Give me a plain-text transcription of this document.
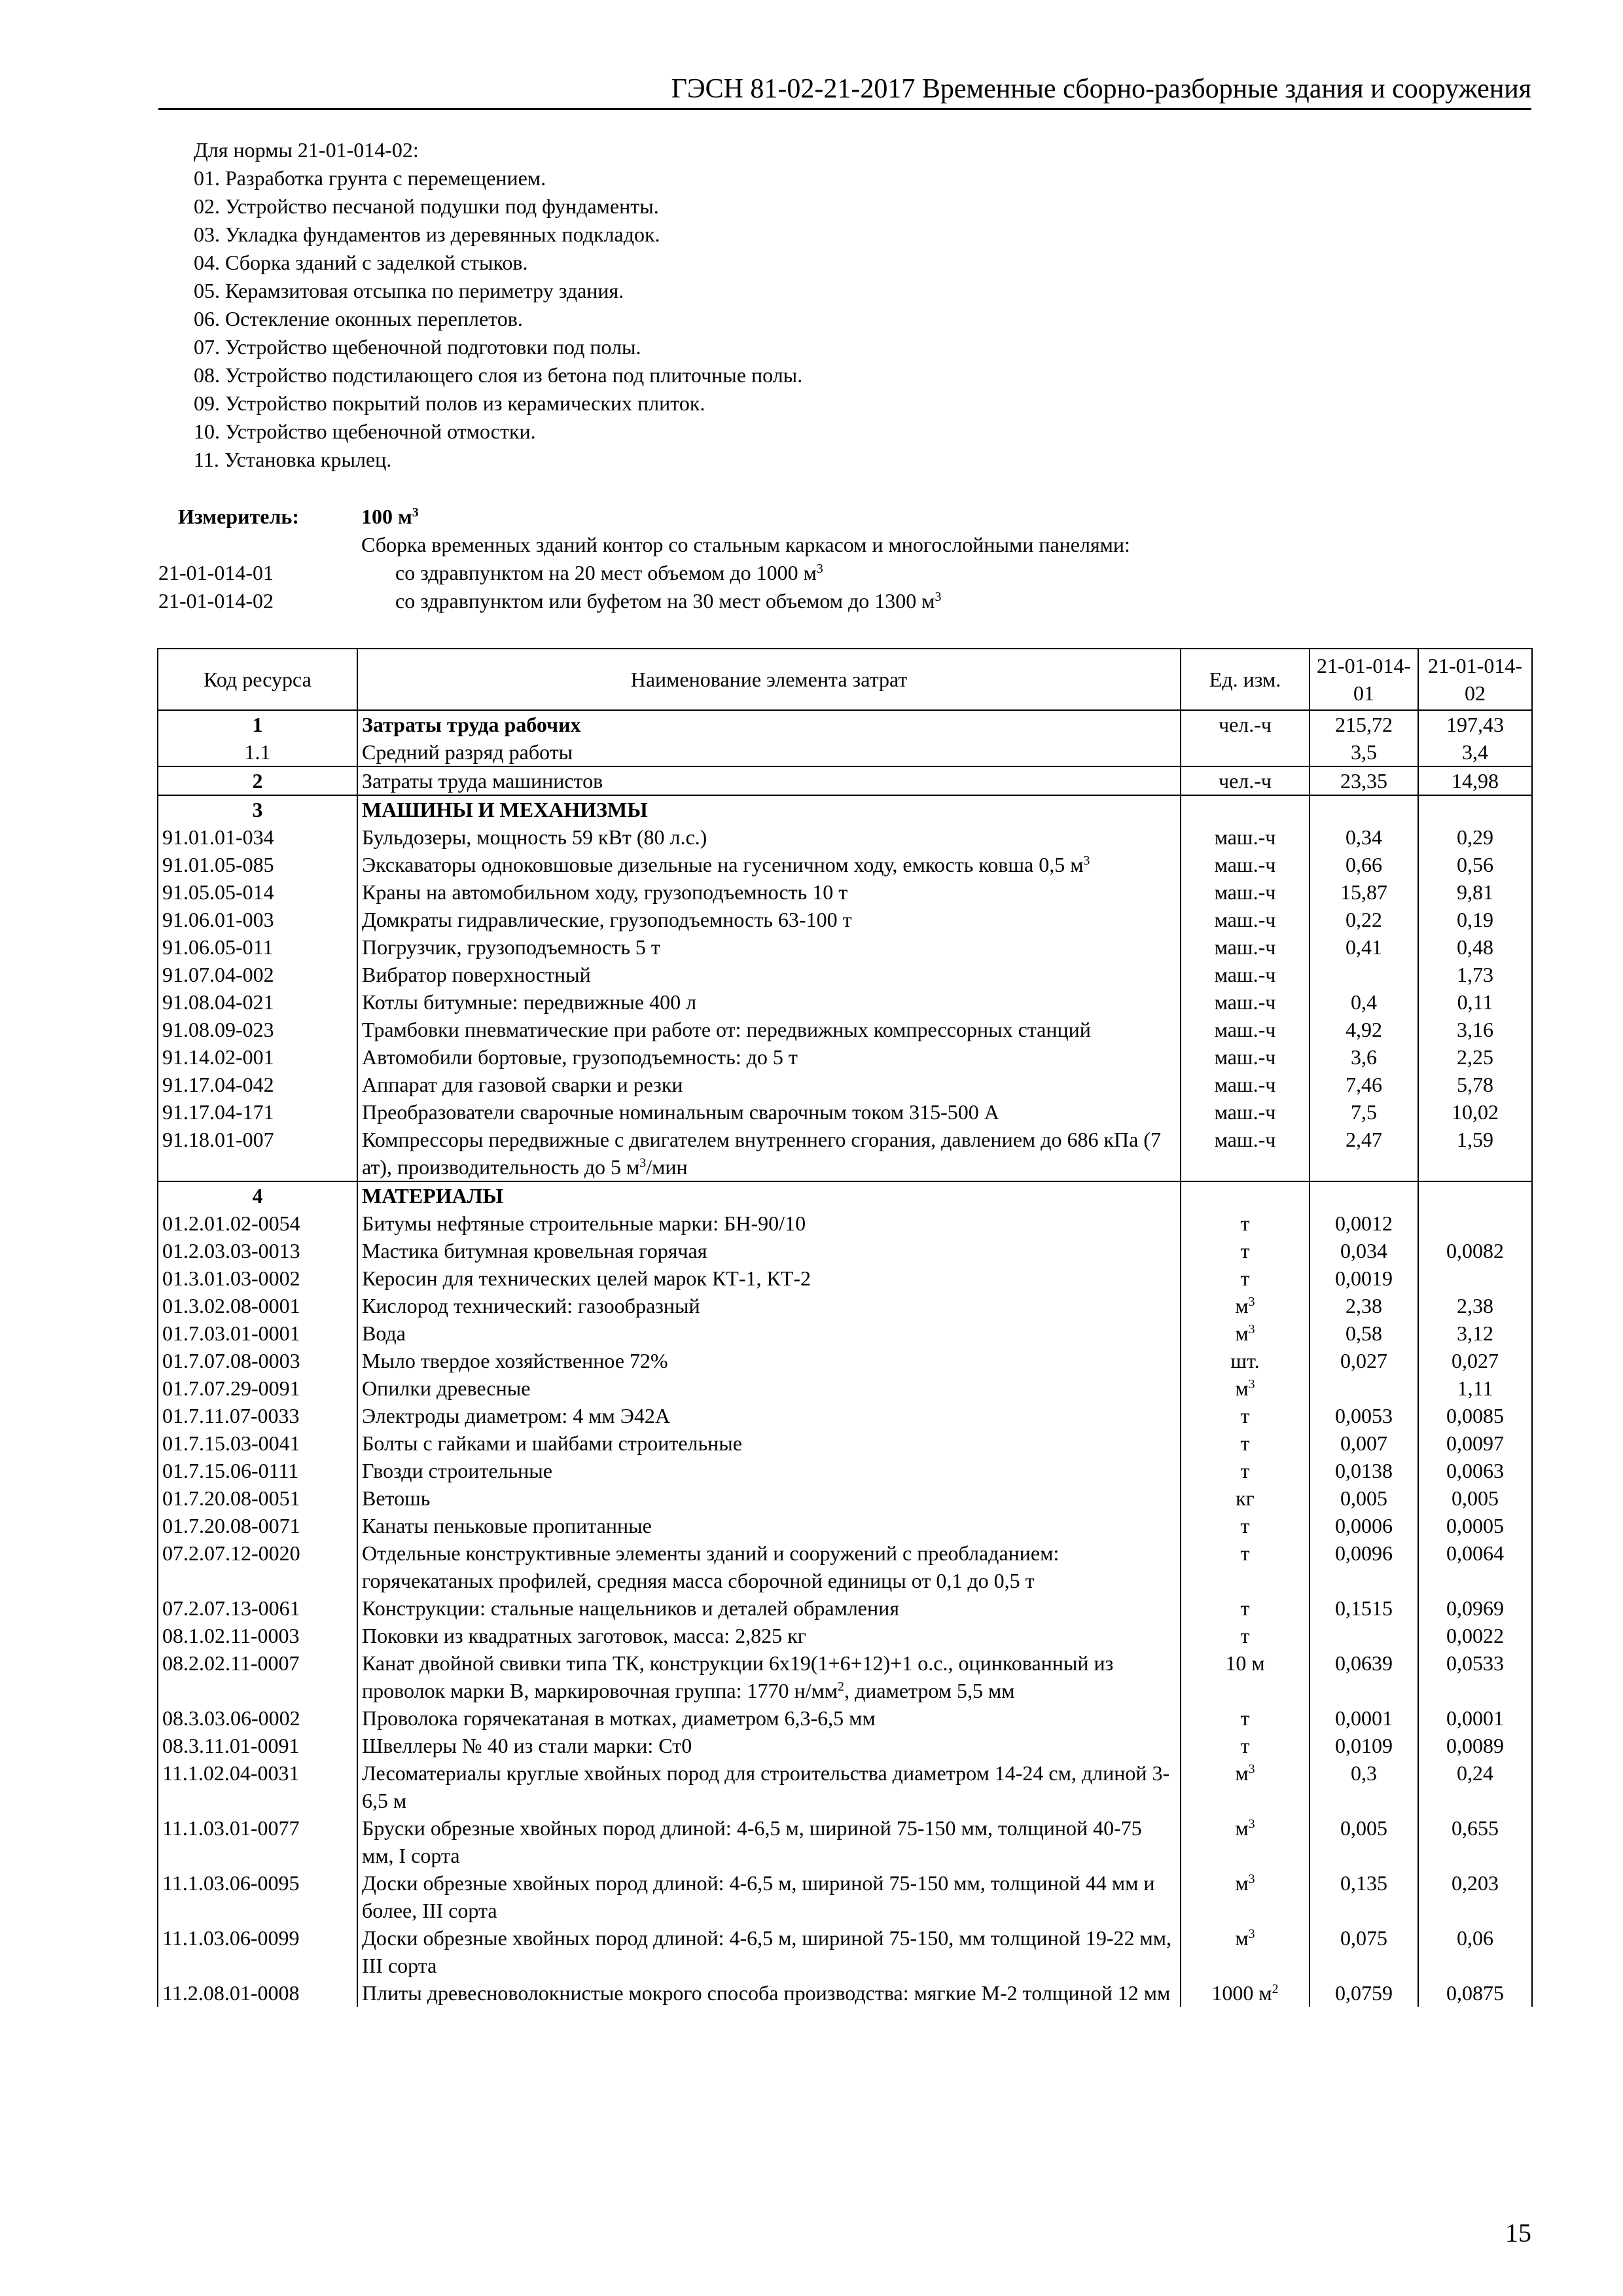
ГЭСН 81-02-21-2017 Временные сборно-разборные здания и сооружения
Для нормы 21-01-014-02:
01. Разработка грунта с перемещением.
02. Устройство песчаной подушки под фундаменты.
03. Укладка фундаментов из деревянных подкладок.
04. Сборка зданий с заделкой стыков.
05. Керамзитовая отсыпка по периметру здания.
06. Остекление оконных переплетов.
07. Устройство щебеночной подготовки под полы.
08. Устройство подстилающего слоя из бетона под плиточные полы.
09. Устройство покрытий полов из керамических плиток.
10. Устройство щебеночной отмостки.
11. Установка крылец.
Измеритель:	100 $м^3$
Сборка временных зданий контор со стальным каркасом и многослойными панелями:
21-01-014-01	со здравпунктом на 20 мест объемом до 1000 $м^3$
21-01-014-02	со здравпунктом или буфетом на 30 мест объемом до 1300 $м^3$
Код ресурса	Наименование элемента затрат	Ед. изм.	21-01-014-01	21-01-014-02
1	Затраты труда рабочих	чел.-ч	215,72	197,43
1.1	Средний разряд работы		3,5	3,4
2	Затраты труда машинистов	чел.-ч	23,35	14,98
3	МАШИНЫ И МЕХАНИЗМЫ			
91.01.01-034	Бульдозеры, мощность 59 кВт (80 л.с.)	маш.-ч	0,34	0,29
91.01.05-085	Экскаваторы одноковшовые дизельные на гусеничном ходу, емкость ковша 0,5 $м^3$	маш.-ч	0,66	0,56
91.05.05-014	Краны на автомобильном ходу, грузоподъемность 10 т	маш.-ч	15,87	9,81
91.06.01-003	Домкраты гидравлические, грузоподъемность 63-100 т	маш.-ч	0,22	0,19
91.06.05-011	Погрузчик, грузоподъемность 5 т	маш.-ч	0,41	0,48
91.07.04-002	Вибратор поверхностный	маш.-ч		1,73
91.08.04-021	Котлы битумные: передвижные 400 л	маш.-ч	0,4	0,11
91.08.09-023	Трамбовки пневматические при работе от: передвижных компрессорных станций	маш.-ч	4,92	3,16
91.14.02-001	Автомобили бортовые, грузоподъемность: до 5 т	маш.-ч	3,6	2,25
91.17.04-042	Аппарат для газовой сварки и резки	маш.-ч	7,46	5,78
91.17.04-171	Преобразователи сварочные номинальным сварочным током 315-500 А	маш.-ч	7,5	10,02
91.18.01-007	Компрессоры передвижные с двигателем внутреннего сгорания, давлением до 686 кПа (7 ат), производительность до 5 $м^3$/мин	маш.-ч	2,47	1,59
4	МАТЕРИАЛЫ			
01.2.01.02-0054	Битумы нефтяные строительные марки: БН-90/10	т	0,0012	
01.2.03.03-0013	Мастика битумная кровельная горячая	т	0,034	0,0082
01.3.01.03-0002	Керосин для технических целей марок КТ-1, КТ-2	т	0,0019	
01.3.02.08-0001	Кислород технический: газообразный	$м^3$	2,38	2,38
01.7.03.01-0001	Вода	$м^3$	0,58	3,12
01.7.07.08-0003	Мыло твердое хозяйственное 72%	шт.	0,027	0,027
01.7.07.29-0091	Опилки древесные	$м^3$		1,11
01.7.11.07-0033	Электроды диаметром: 4 мм Э42А	т	0,0053	0,0085
01.7.15.03-0041	Болты с гайками и шайбами строительные	т	0,007	0,0097
01.7.15.06-0111	Гвозди строительные	т	0,0138	0,0063
01.7.20.08-0051	Ветошь	кг	0,005	0,005
01.7.20.08-0071	Канаты пеньковые пропитанные	т	0,0006	0,0005
07.2.07.12-0020	Отдельные конструктивные элементы зданий и сооружений с преобладанием: горячекатаных профилей, средняя масса сборочной единицы от 0,1 до 0,5 т	т	0,0096	0,0064
07.2.07.13-0061	Конструкции: стальные нащельников и деталей обрамления	т	0,1515	0,0969
08.1.02.11-0003	Поковки из квадратных заготовок, масса: 2,825 кг	т		0,0022
08.2.02.11-0007	Канат двойной свивки типа ТК, конструкции 6х19(1+6+12)+1 о.с., оцинкованный из проволок марки В, маркировочная группа: 1770 $н/мм^2$, диаметром 5,5 мм	10 м	0,0639	0,0533
08.3.03.06-0002	Проволока горячекатаная в мотках, диаметром 6,3-6,5 мм	т	0,0001	0,0001
08.3.11.01-0091	Швеллеры № 40 из стали марки: Ст0	т	0,0109	0,0089
11.1.02.04-0031	Лесоматериалы круглые хвойных пород для строительства диаметром 14-24 см, длиной 3-6,5 м	$м^3$	0,3	0,24
11.1.03.01-0077	Бруски обрезные хвойных пород длиной: 4-6,5 м, шириной 75-150 мм, толщиной 40-75 мм, I сорта	$м^3$	0,005	0,655
11.1.03.06-0095	Доски обрезные хвойных пород длиной: 4-6,5 м, шириной 75-150 мм, толщиной 44 мм и более, III сорта	$м^3$	0,135	0,203
11.1.03.06-0099	Доски обрезные хвойных пород длиной: 4-6,5 м, шириной 75-150, мм толщиной 19-22 мм, III сорта	$м^3$	0,075	0,06
11.2.08.01-0008	Плиты древесноволокнистые мокрого способа производства: мягкие М-2 толщиной 12 мм	1000 $м^2$	0,0759	0,0875
15
